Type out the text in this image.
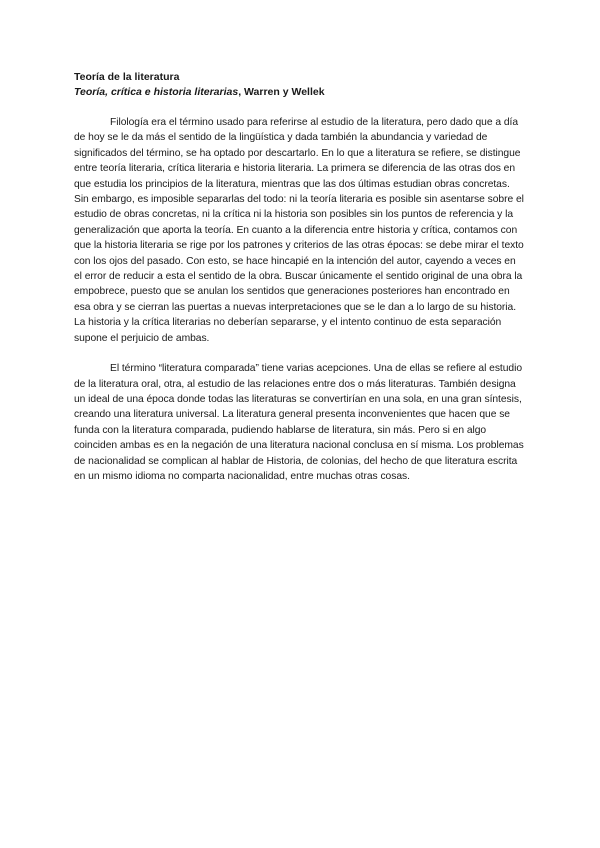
Teoría de la literatura

Teoría, crítica e historia literarias, Warren y Wellek

Filología era el término usado para referirse al estudio de la literatura, pero dado que a día de hoy se le da más el sentido de la lingüística y dada también la abundancia y variedad de significados del término, se ha optado por descartarlo. En lo que a literatura se refiere, se distingue entre teoría literaria, crítica literaria e historia literaria. La primera se diferencia de las otras dos en que estudia los principios de la literatura, mientras que las dos últimas estudian obras concretas. Sin embargo, es imposible separarlas del todo: ni la teoría literaria es posible sin asentarse sobre el estudio de obras concretas, ni la crítica ni la historia son posibles sin los puntos de referencia y la generalización que aporta la teoría. En cuanto a la diferencia entre historia y crítica, contamos con que la historia literaria se rige por los patrones y criterios de las otras épocas: se debe mirar el texto con los ojos del pasado. Con esto, se hace hincapié en la intención del autor, cayendo a veces en el error de reducir a esta el sentido de la obra. Buscar únicamente el sentido original de una obra la empobrece, puesto que se anulan los sentidos que generaciones posteriores han encontrado en esa obra y se cierran las puertas a nuevas interpretaciones que se le dan a lo largo de su historia. La historia y la crítica literarias no deberían separarse, y el intento continuo de esta separación supone el perjuicio de ambas.

El término “literatura comparada” tiene varias acepciones. Una de ellas se refiere al estudio de la literatura oral, otra, al estudio de las relaciones entre dos o más literaturas. También designa un ideal de una época donde todas las literaturas se convertirían en una sola, en una gran síntesis, creando una literatura universal. La literatura general presenta inconvenientes que hacen que se funda con la literatura comparada, pudiendo hablarse de literatura, sin más. Pero si en algo coinciden ambas es en la negación de una literatura nacional conclusa en sí misma. Los problemas de nacionalidad se complican al hablar de Historia, de colonias, del hecho de que literatura escrita en un mismo idioma no comparta nacionalidad, entre muchas otras cosas.
